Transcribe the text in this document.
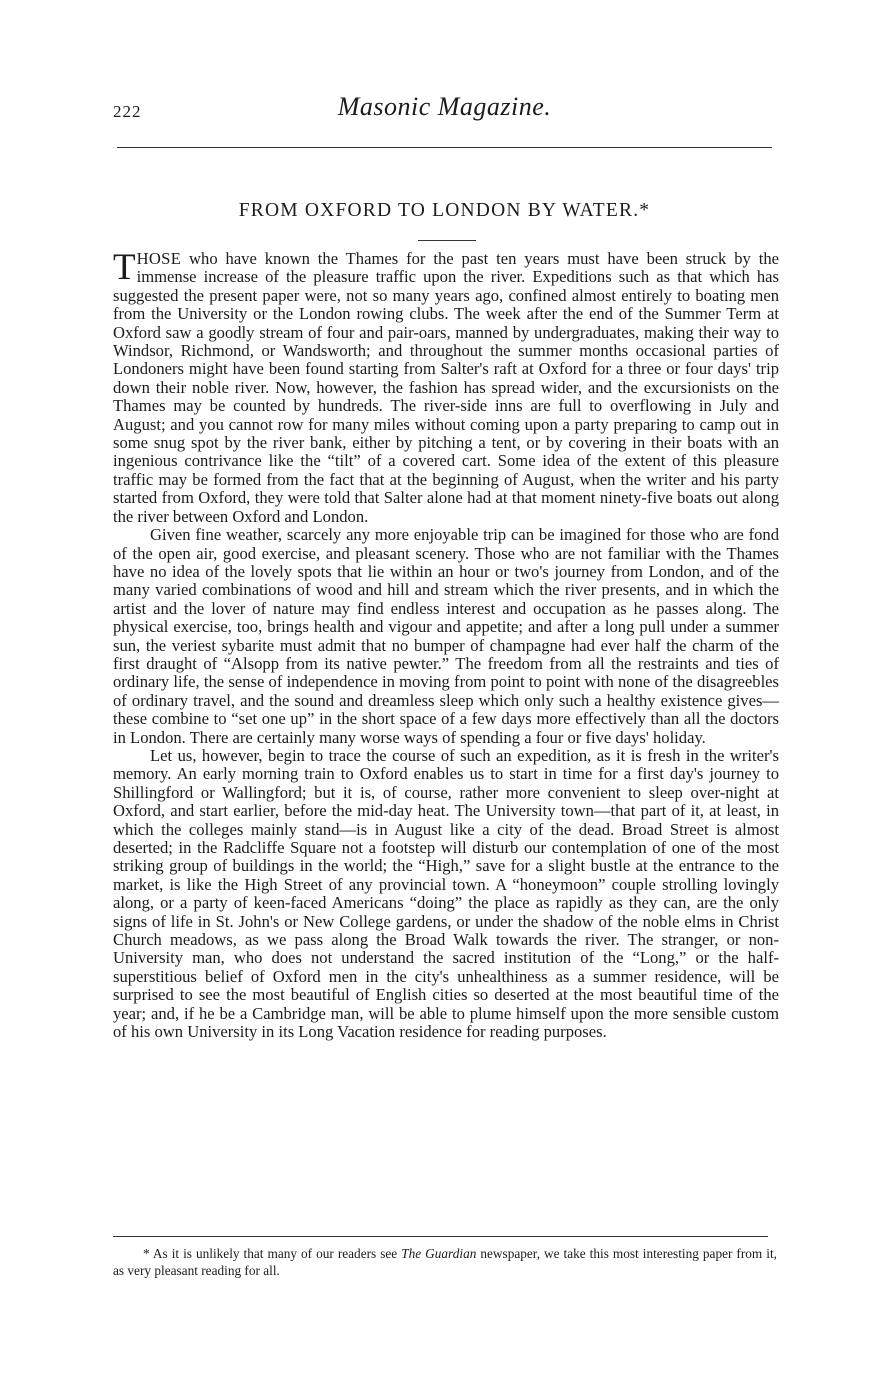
222	Masonic Magazine.
FROM OXFORD TO LONDON BY WATER.*

THOSE who have known the Thames for the past ten years must have been struck by the immense increase of the pleasure traffic upon the river. Expeditions such as that which has suggested the present paper were, not so many years ago, confined almost entirely to boating men from the University or the London rowing clubs. The week after the end of the Summer Term at Oxford saw a goodly stream of four and pair-oars, manned by undergraduates, making their way to Windsor, Richmond, or Wandsworth; and throughout the summer months occasional parties of Londoners might have been found starting from Salter's raft at Oxford for a three or four days' trip down their noble river. Now, however, the fashion has spread wider, and the excursionists on the Thames may be counted by hundreds. The river-side inns are full to overflowing in July and August; and you cannot row for many miles without coming upon a party preparing to camp out in some snug spot by the river bank, either by pitching a tent, or by covering in their boats with an ingenious contrivance like the “tilt” of a covered cart. Some idea of the extent of this pleasure traffic may be formed from the fact that at the beginning of August, when the writer and his party started from Oxford, they were told that Salter alone had at that moment ninety-five boats out along the river between Oxford and London.

Given fine weather, scarcely any more enjoyable trip can be imagined for those who are fond of the open air, good exercise, and pleasant scenery. Those who are not familiar with the Thames have no idea of the lovely spots that lie within an hour or two's journey from London, and of the many varied combinations of wood and hill and stream which the river presents, and in which the artist and the lover of nature may find endless interest and occupation as he passes along. The physical exercise, too, brings health and vigour and appetite; and after a long pull under a summer sun, the veriest sybarite must admit that no bumper of champagne had ever half the charm of the first draught of “Alsopp from its native pewter.” The freedom from all the restraints and ties of ordinary life, the sense of independence in moving from point to point with none of the disagreebles of ordinary travel, and the sound and dreamless sleep which only such a healthy existence gives—these combine to “set one up” in the short space of a few days more effectively than all the doctors in London. There are certainly many worse ways of spending a four or five days' holiday.

Let us, however, begin to trace the course of such an expedition, as it is fresh in the writer's memory. An early morning train to Oxford enables us to start in time for a first day's journey to Shillingford or Wallingford; but it is, of course, rather more convenient to sleep over-night at Oxford, and start earlier, before the mid-day heat. The University town—that part of it, at least, in which the colleges mainly stand—is in August like a city of the dead. Broad Street is almost deserted; in the Radcliffe Square not a footstep will disturb our contemplation of one of the most striking group of buildings in the world; the “High,” save for a slight bustle at the entrance to the market, is like the High Street of any provincial town. A “honeymoon” couple strolling lovingly along, or a party of keen-faced Americans “doing” the place as rapidly as they can, are the only signs of life in St. John's or New College gardens, or under the shadow of the noble elms in Christ Church meadows, as we pass along the Broad Walk towards the river. The stranger, or non-University man, who does not understand the sacred institution of the “Long,” or the half-superstitious belief of Oxford men in the city's unhealthiness as a summer residence, will be surprised to see the most beautiful of English cities so deserted at the most beautiful time of the year; and, if he be a Cambridge man, will be able to plume himself upon the more sensible custom of his own University in its Long Vacation residence for reading purposes.

* As it is unlikely that many of our readers see The Guardian newspaper, we take this most interesting paper from it, as very pleasant reading for all.
